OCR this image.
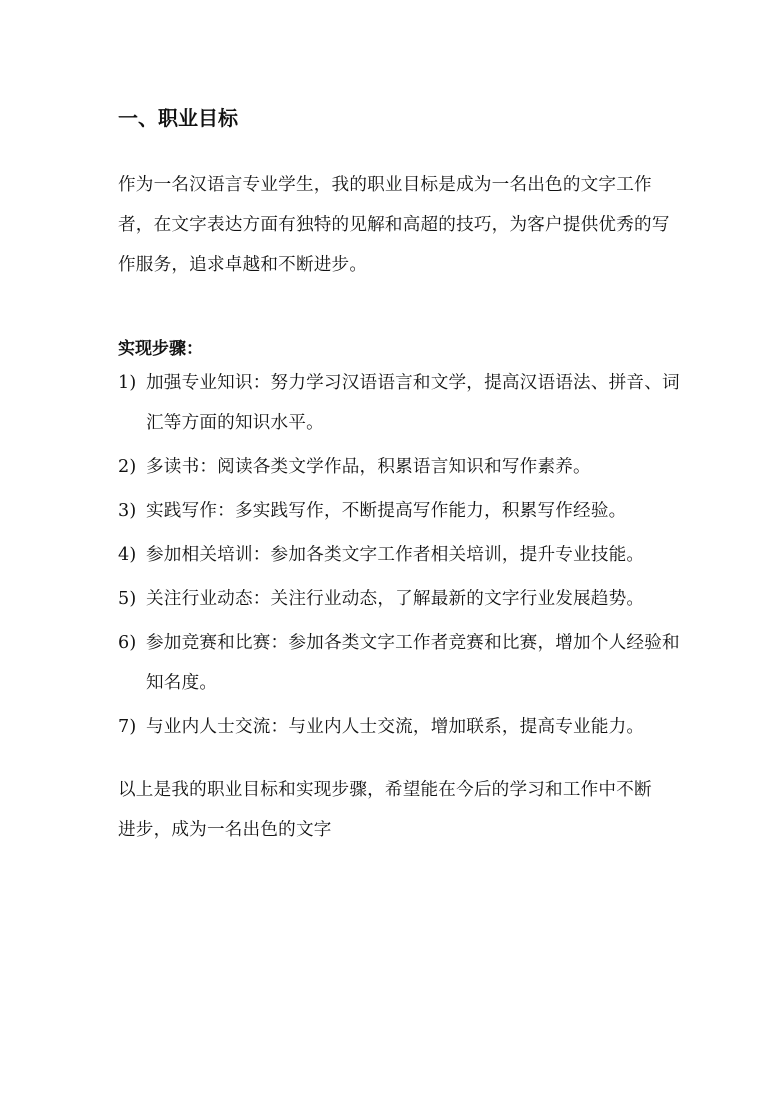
一、职业目标
作为一名汉语言专业学生，我的职业目标是成为一名出色的文字工作者，在文字表达方面有独特的见解和高超的技巧，为客户提供优秀的写作服务，追求卓越和不断进步。
实现步骤：
1) 加强专业知识：努力学习汉语语言和文学，提高汉语语法、拼音、词汇等方面的知识水平。
2) 多读书：阅读各类文学作品，积累语言知识和写作素养。
3) 实践写作：多实践写作，不断提高写作能力，积累写作经验。
4) 参加相关培训：参加各类文字工作者相关培训，提升专业技能。
5) 关注行业动态：关注行业动态，了解最新的文字行业发展趋势。
6) 参加竞赛和比赛：参加各类文字工作者竞赛和比赛，增加个人经验和知名度。
7) 与业内人士交流：与业内人士交流，增加联系，提高专业能力。
以上是我的职业目标和实现步骤，希望能在今后的学习和工作中不断进步，成为一名出色的文字
